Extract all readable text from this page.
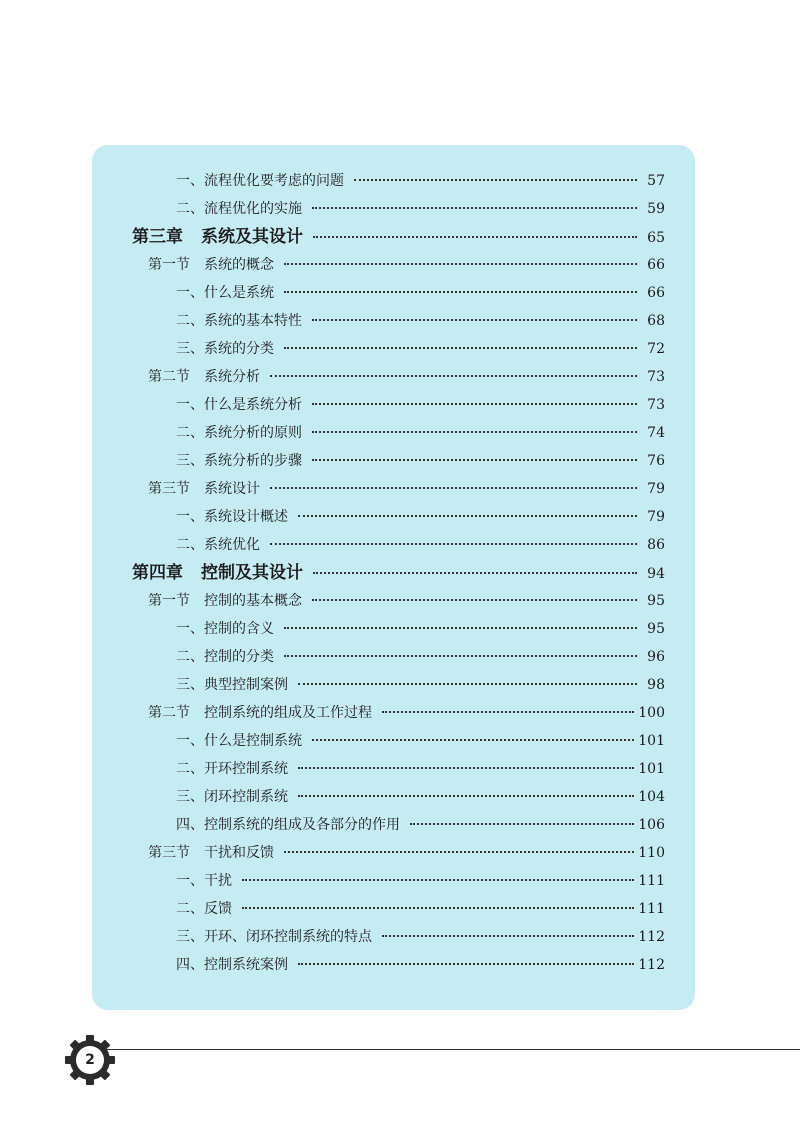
一、流程优化要考虑的问题	57
二、流程优化的实施	59
第三章 系统及其设计	65
第一节 系统的概念	66
一、什么是系统	66
二、系统的基本特性	68
三、系统的分类	72
第二节 系统分析	73
一、什么是系统分析	73
二、系统分析的原则	74
三、系统分析的步骤	76
第三节 系统设计	79
一、系统设计概述	79
二、系统优化	86
第四章 控制及其设计	94
第一节 控制的基本概念	95
一、控制的含义	95
二、控制的分类	96
三、典型控制案例	98
第二节 控制系统的组成及工作过程	100
一、什么是控制系统	101
二、开环控制系统	101
三、闭环控制系统	104
四、控制系统的组成及各部分的作用	106
第三节 干扰和反馈	110
一、干扰	111
二、反馈	111
三、开环、闭环控制系统的特点	112
四、控制系统案例	112
2
